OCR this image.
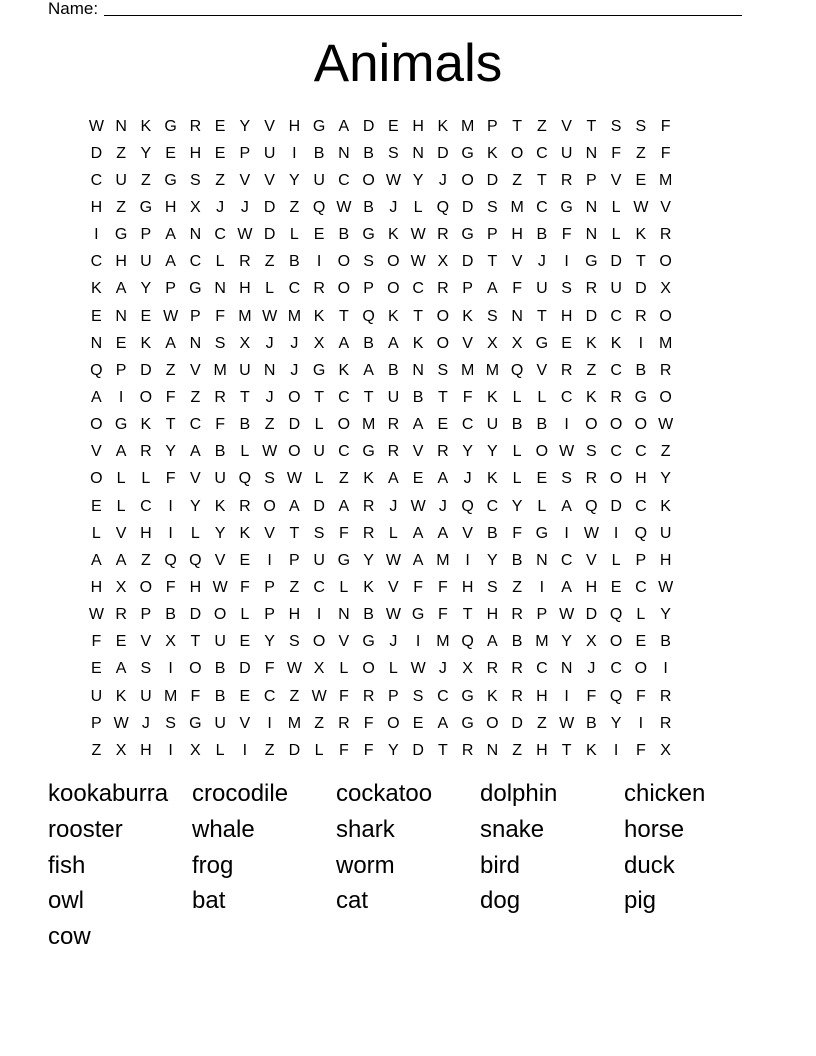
Name:
Animals
W N K G R E Y V H G A D E H K M P T Z V T S S F
D Z Y E H E P U	I	B N B S N D G K O C U N F Z F
C U Z G S Z V V Y U C O W Y J O D Z T R P V E M
H Z G H X J	J D Z Q W B J	L Q D S M C G N L W V
I	G P A N C W D L E B G K W R G P H B F N L K R
C H U A C L R Z B	I	O S O W X D T V J	I	G D T O
K A Y P G N H L C R O P O C R P A F U S R U D X
E N E W P F M W M K T Q K T O K S N T H D C R O
N E K A N S X J	J X A B A K O V X X G E K K	I M
Q P D Z V M U N J G K A B N S M M Q V R Z C B R
A	I	O F Z R T J O T C T U B T F K L L C K R G O
O G K T C F B Z D L O M R A E C U B B	I	O O O W
V A R Y A B L W O U C G R V R Y Y L O W S C C Z
O L L F V U Q S W L Z K A E A J K L E S R O H Y
E L C	I	Y K R O A D A R J W J Q C Y L A Q D C K
L V H	I	L Y K V T S F R L A A V B F G	I W I	Q U
A A Z Q Q V E	I	P U G Y W A M I	Y B N C V L P H
H X O F H W F P Z C L K V F F H S Z	I	A H E C W
W R P B D O L P H	I	N B W G F T H R P W D Q L Y
F E V X T U E Y S O V G J	I M Q A B M Y X O E B
E A S	I	O B D F W X L O L W J X R R C N J C O	I
U K U M F B E C Z W F R P S C G K R H	I	F Q F R
P W J S G U V	I M Z R F O E A G O D Z W B Y	I	R
Z X H	I	X L	I	Z D L F F Y D T R N Z H T K	I	F X
kookaburra crocodile	cockatoo	dolphin	chicken
rooster	whale	shark	snake	horse
fish	frog	worm	bird	duck
owl	bat	cat	dog	pig
cow
